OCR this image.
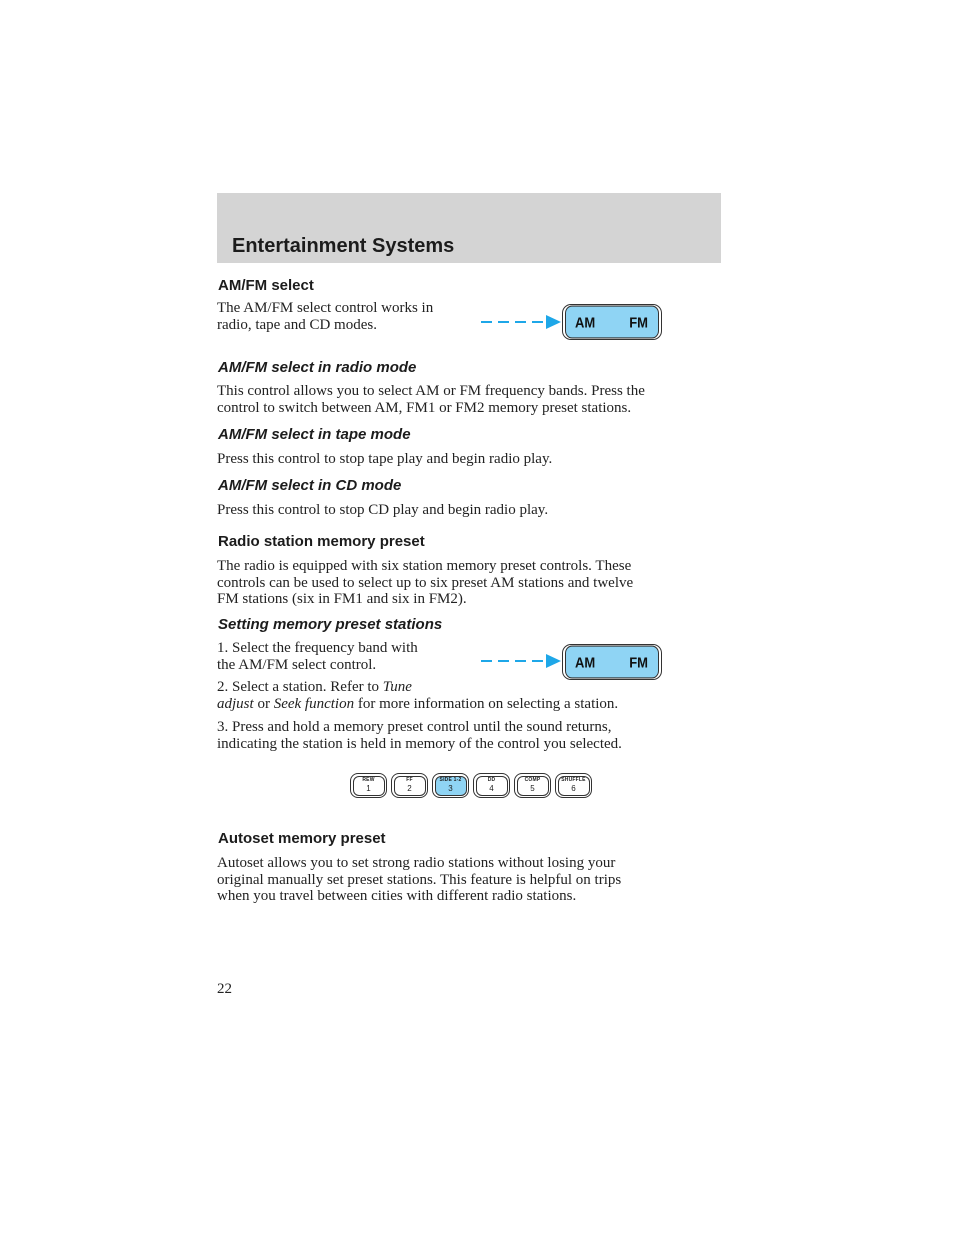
Entertainment Systems
AM/FM select

The AM/FM select control works in
radio, tape and CD modes.	AM	FM
AM/FM select in radio mode

This control allows you to select AM or FM frequency bands. Press the
control to switch between AM, FM1 or FM2 memory preset stations.

AM/FM select in tape mode

Press this control to stop tape play and begin radio play.

AM/FM select in CD mode

Press this control to stop CD play and begin radio play.

Radio station memory preset

The radio is equipped with six station memory preset controls. These
controls can be used to select up to six preset AM stations and twelve
FM stations (six in FM1 and six in FM2).

Setting memory preset stations

1. Select the frequency band with
the AM/FM select control.	AM	FM

2. Select a station. Refer to Tune
adjust or Seek function for more information on selecting a station.

3. Press and hold a memory preset control until the sound returns,
indicating the station is held in memory of the control you selected.

REW
1
FF
2
SIDE 1-2
3
DD
4
COMP
5
SHUFFLE
6
Autoset memory preset

Autoset allows you to set strong radio stations without losing your
original manually set preset stations. This feature is helpful on trips
when you travel between cities with different radio stations.

22
